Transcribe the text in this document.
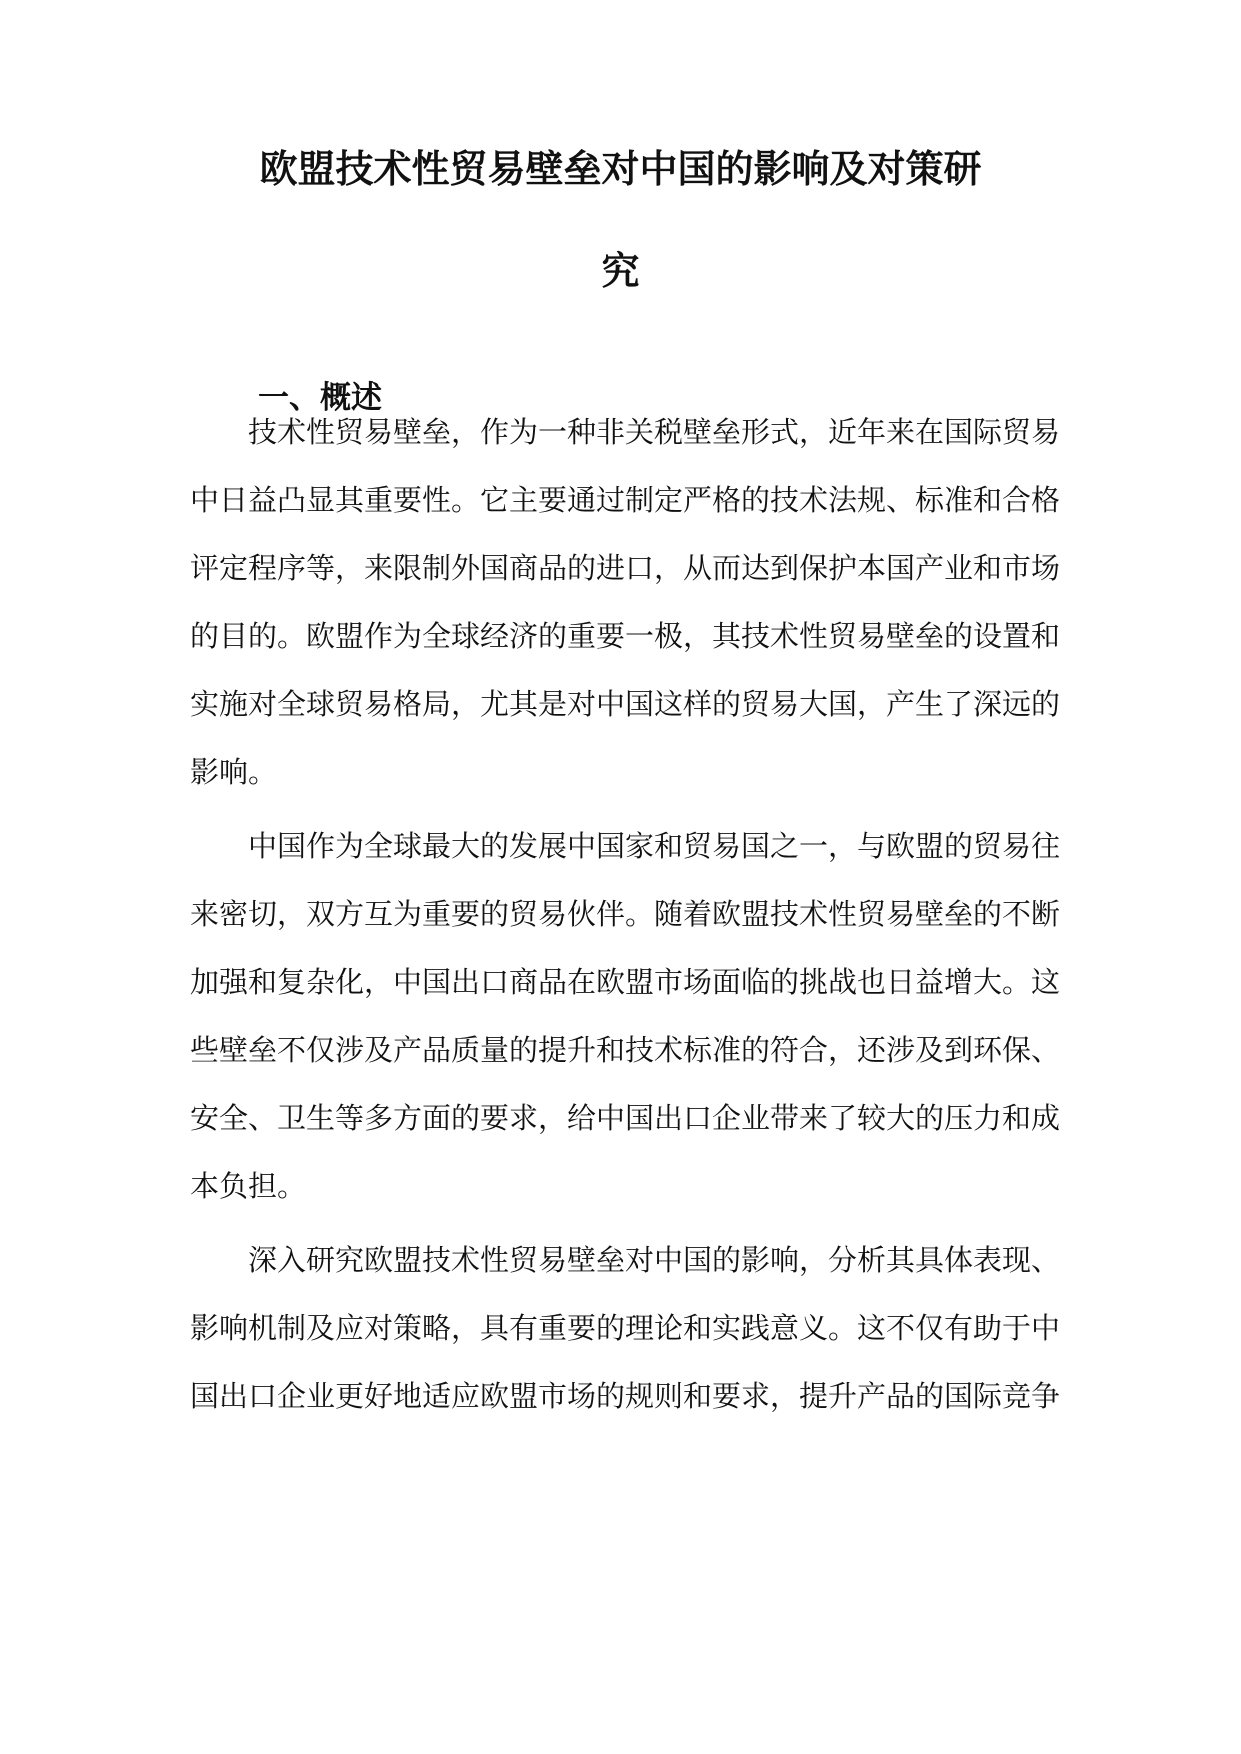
欧盟技术性贸易壁垒对中国的影响及对策研
究
一、概述

技术性贸易壁垒，作为一种非关税壁垒形式，近年来在国际贸易

中日益凸显其重要性。它主要通过制定严格的技术法规、标准和合格

评定程序等，来限制外国商品的进口，从而达到保护本国产业和市场

的目的。欧盟作为全球经济的重要一极，其技术性贸易壁垒的设置和

实施对全球贸易格局，尤其是对中国这样的贸易大国，产生了深远的

影响。

中国作为全球最大的发展中国家和贸易国之一，与欧盟的贸易往

来密切，双方互为重要的贸易伙伴。随着欧盟技术性贸易壁垒的不断

加强和复杂化，中国出口商品在欧盟市场面临的挑战也日益增大。这

些壁垒不仅涉及产品质量的提升和技术标准的符合，还涉及到环保、

安全、卫生等多方面的要求，给中国出口企业带来了较大的压力和成

本负担。

深入研究欧盟技术性贸易壁垒对中国的影响，分析其具体表现、

影响机制及应对策略，具有重要的理论和实践意义。这不仅有助于中

国出口企业更好地适应欧盟市场的规则和要求，提升产品的国际竞争
